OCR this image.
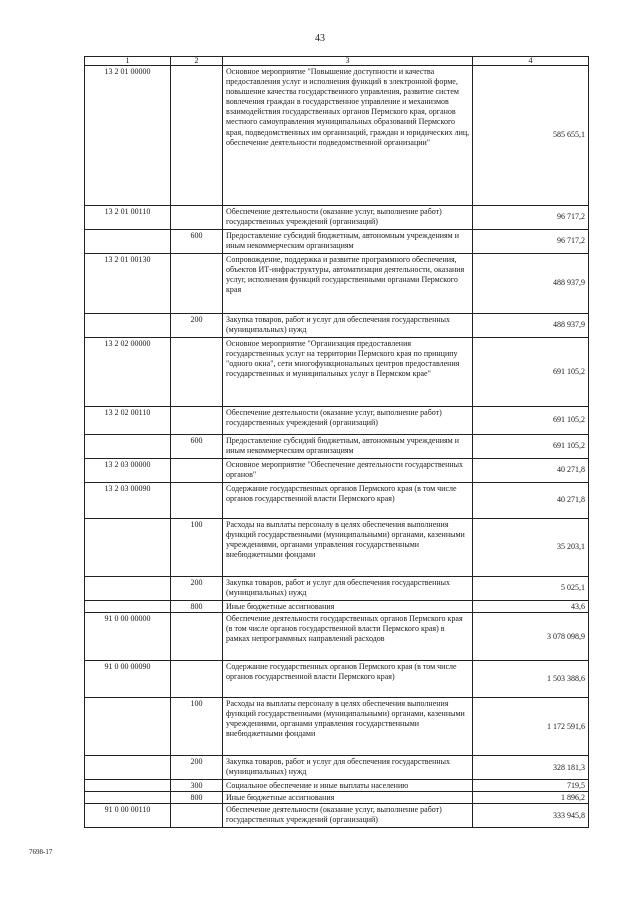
43
1	2	3	4
13 2 01 00000		Основное мероприятие "Повышение доступности и качества предоставления услуг и исполнения функций в электронной форме, повышение качества государственного управления, развитие систем вовлечения граждан в государственное управление и механизмов взаимодействия государственных органов Пермского края, органов местного самоуправления муниципальных образований Пермского края, подведомственных им организаций, граждан и юридических лиц, обеспечение деятельности подведомственной организации"	585 655,1
13 2 01 00110		Обеспечение деятельности (оказание услуг, выполнение работ) государственных учреждений (организаций)	96 717,2
	600	Предоставление субсидий бюджетным, автономным учреждениям и иным некоммерческим организациям	96 717,2
13 2 01 00130		Сопровождение, поддержка и развитие программного обеспечения, объектов ИТ-инфраструктуры, автоматизация деятельности, оказания услуг, исполнения функций государственными органами Пермского края	488 937,9
	200	Закупка товаров, работ и услуг для обеспечения государственных (муниципальных) нужд	488 937,9
13 2 02 00000		Основное мероприятие "Организация предоставления государственных услуг на территории Пермского края по принципу "одного окна", сети многофункциональных центров предоставления государственных и муниципальных услуг в Пермском крае"	691 105,2
13 2 02 00110		Обеспечение деятельности (оказание услуг, выполнение работ) государственных учреждений (организаций)	691 105,2
	600	Предоставление субсидий бюджетным, автономным учреждениям и иным некоммерческим организациям	691 105,2
13 2 03 00000		Основное мероприятие "Обеспечение деятельности государственных органов"	40 271,8
13 2 03 00090		Содержание государственных органов Пермского края (в том числе органов государственной власти Пермского края)	40 271,8
	100	Расходы на выплаты персоналу в целях обеспечения выполнения функций государственными (муниципальными) органами, казенными учреждениями, органами управления государственными внебюджетными фондами	35 203,1
	200	Закупка товаров, работ и услуг для обеспечения государственных (муниципальных) нужд	5 025,1
	800	Иные бюджетные ассигнования	43,6
91 0 00 00000		Обеспечение деятельности государственных органов Пермского края (в том числе органов государственной власти Пермского края) в рамках непрограммных направлений расходов	3 078 098,9
91 0 00 00090		Содержание государственных органов Пермского края (в том числе органов государственной власти Пермского края)	1 503 388,6
	100	Расходы на выплаты персоналу в целях обеспечения выполнения функций государственными (муниципальными) органами, казенными учреждениями, органами управления государственными внебюджетными фондами	1 172 591,6
	200	Закупка товаров, работ и услуг для обеспечения государственных (муниципальных) нужд	328 181,3
	300	Социальное обеспечение и иные выплаты населению	719,5
	800	Иные бюджетные ассигнования	1 896,2
91 0 00 00110		Обеспечение деятельности (оказание услуг, выполнение работ) государственных учреждений (организаций)	333 945,8
7698-17
